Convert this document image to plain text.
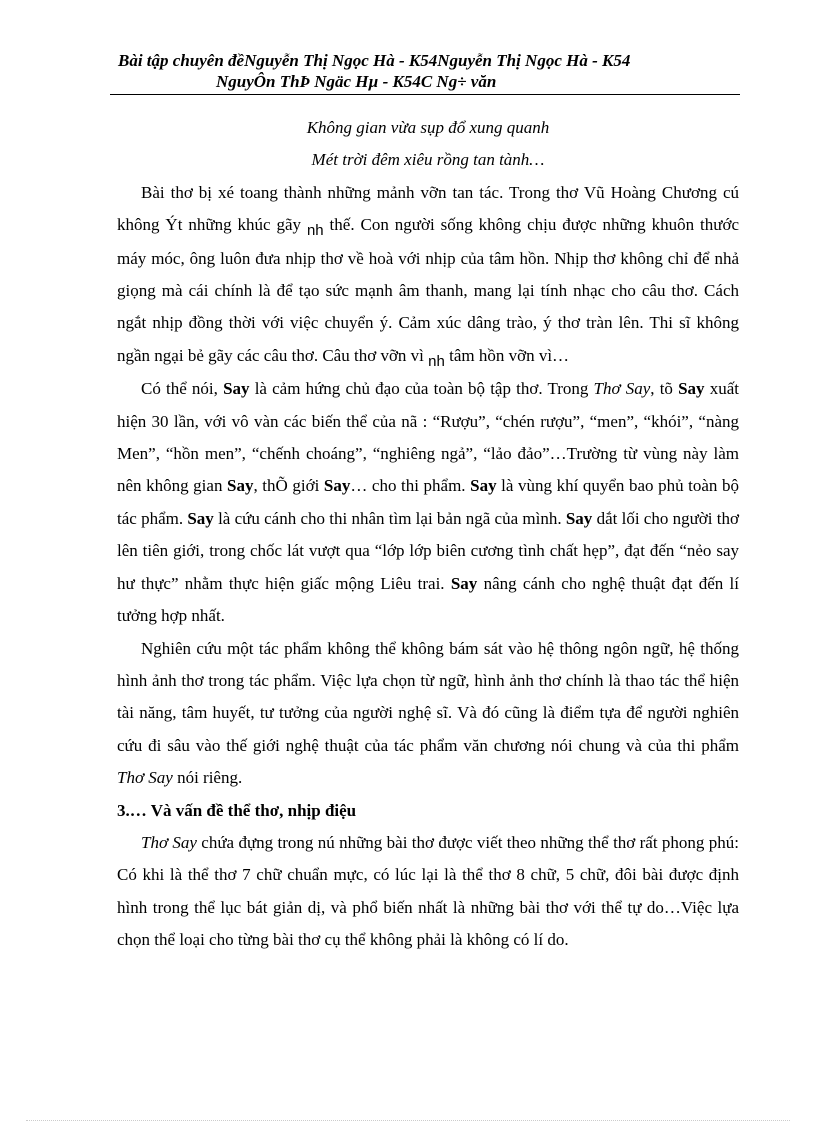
Bài tập chuyên đềNguyễn Thị Ngọc Hà - K54Nguyễn Thị Ngọc Hà - K54
NguyÔn ThÞ Ngäc Hµ - K54C Ng÷ văn
Không gian vừa sụp đổ xung quanh
Mét trời đêm xiêu rồng tan tành…

Bài thơ bị xé toang thành những mảnh vỡn tan tác. Trong thơ Vũ Hoàng Chương cú không Ýt những khúc gãy nh thế. Con người sống không chịu được những khuôn thước máy móc, ông luôn đưa nhịp thơ về hoà với nhịp của tâm hồn. Nhịp thơ không chỉ để nhả giọng mà cái chính là để tạo sức mạnh âm thanh, mang lại tính nhạc cho câu thơ. Cách ngắt nhịp đồng thời với việc chuyển ý. Cảm xúc dâng trào, ý thơ tràn lên. Thi sĩ không ngần ngại bẻ gãy các câu thơ. Câu thơ vỡn vì nh tâm hồn vỡn vì…

Có thể nói, Say là cảm hứng chủ đạo của toàn bộ tập thơ. Trong Thơ Say, tõ Say xuất hiện 30 lần, với vô vàn các biến thể của nã : “Rượu”, “chén rượu”, “men”, “khói”, “nàng Men”, “hồn men”, “chếnh choáng”, “nghiêng ngả”, “lảo đảo”…Trường từ vùng này làm nên không gian Say, thÕ giới Say… cho thi phẩm. Say là vùng khí quyển bao phủ toàn bộ tác phẩm. Say là cứu cánh cho thi nhân tìm lại bản ngã của mình. Say dắt lối cho người thơ lên tiên giới, trong chốc lát vượt qua “lớp lớp biên cương tình chất hẹp”, đạt đến “nẻo say hư thực” nhằm thực hiện giấc mộng Liêu trai. Say nâng cánh cho nghệ thuật đạt đến lí tưởng hợp nhất.

Nghiên cứu một tác phẩm không thể không bám sát vào hệ thông ngôn ngữ, hệ thống hình ảnh thơ trong tác phẩm. Việc lựa chọn từ ngữ, hình ảnh thơ chính là thao tác thể hiện tài năng, tâm huyết, tư tưởng của người nghệ sĩ. Và đó cũng là điểm tựa để người nghiên cứu đi sâu vào thế giới nghệ thuật của tác phẩm văn chương nói chung và của thi phẩm Thơ Say nói riêng.

3.… Và vấn đề thể thơ, nhịp điệu

Thơ Say chứa đựng trong nú những bài thơ được viết theo những thể thơ rất phong phú: Có khi là thể thơ 7 chữ chuẩn mực, có lúc lại là thể thơ 8 chữ, 5 chữ, đôi bài được định hình trong thể lục bát giản dị, và phổ biến nhất là những bài thơ với thể tự do…Việc lựa chọn thể loại cho từng bài thơ cụ thể không phải là không có lí do.
